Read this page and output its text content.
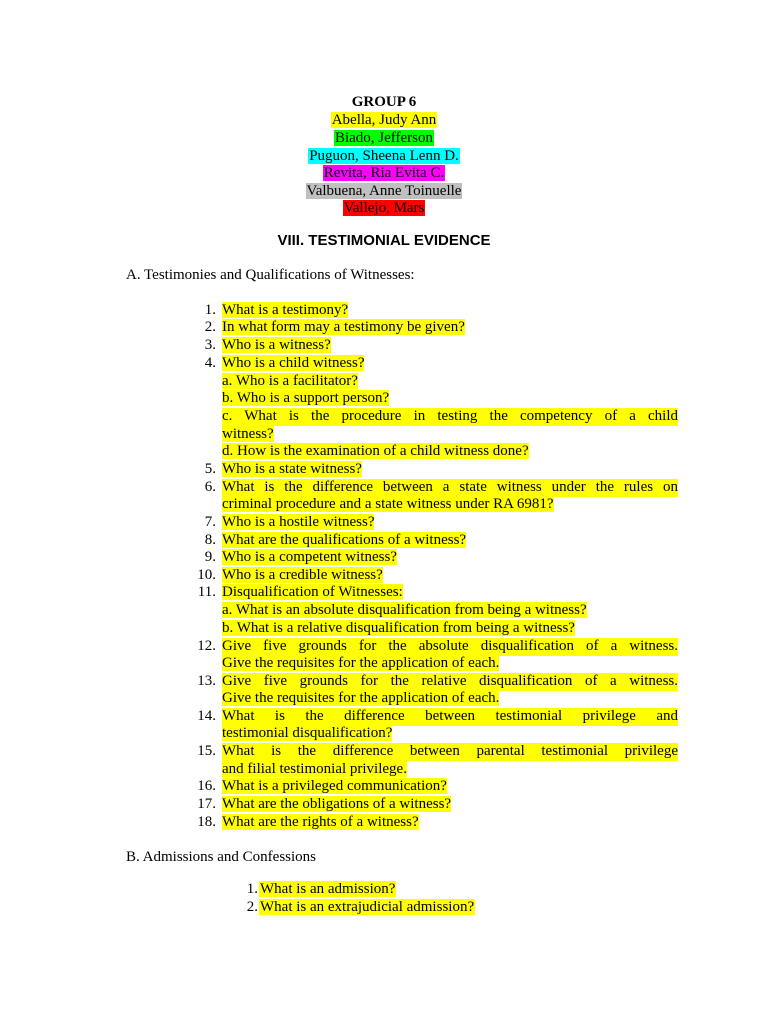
GROUP 6
Abella, Judy Ann
Biado, Jefferson
Puguon, Sheena Lenn D.
Revita, Ria Evita C.
Valbuena, Anne Toinuelle
Vallejo, Mars
VIII. TESTIMONIAL EVIDENCE
A. Testimonies and Qualifications of Witnesses:
1. What is a testimony?
2. In what form may a testimony be given?
3. Who is a witness?
4. Who is a child witness?
a. Who is a facilitator?
b. Who is a support person?
c. What is the procedure in testing the competency of a child
witness?
d. How is the examination of a child witness done?
5. Who is a state witness?
6. What is the difference between a state witness under the rules on
criminal procedure and a state witness under RA 6981?
7. Who is a hostile witness?
8. What are the qualifications of a witness?
9. Who is a competent witness?
10. Who is a credible witness?
11. Disqualification of Witnesses:
a. What is an absolute disqualification from being a witness?
b. What is a relative disqualification from being a witness?
12. Give five grounds for the absolute disqualification of a witness.
Give the requisites for the application of each.
13. Give five grounds for the relative disqualification of a witness.
Give the requisites for the application of each.
14. What is the difference between testimonial privilege and
testimonial disqualification?
15. What is the difference between parental testimonial privilege
and filial testimonial privilege.
16. What is a privileged communication?
17. What are the obligations of a witness?
18. What are the rights of a witness?
B. Admissions and Confessions
1. What is an admission?
2. What is an extrajudicial admission?
